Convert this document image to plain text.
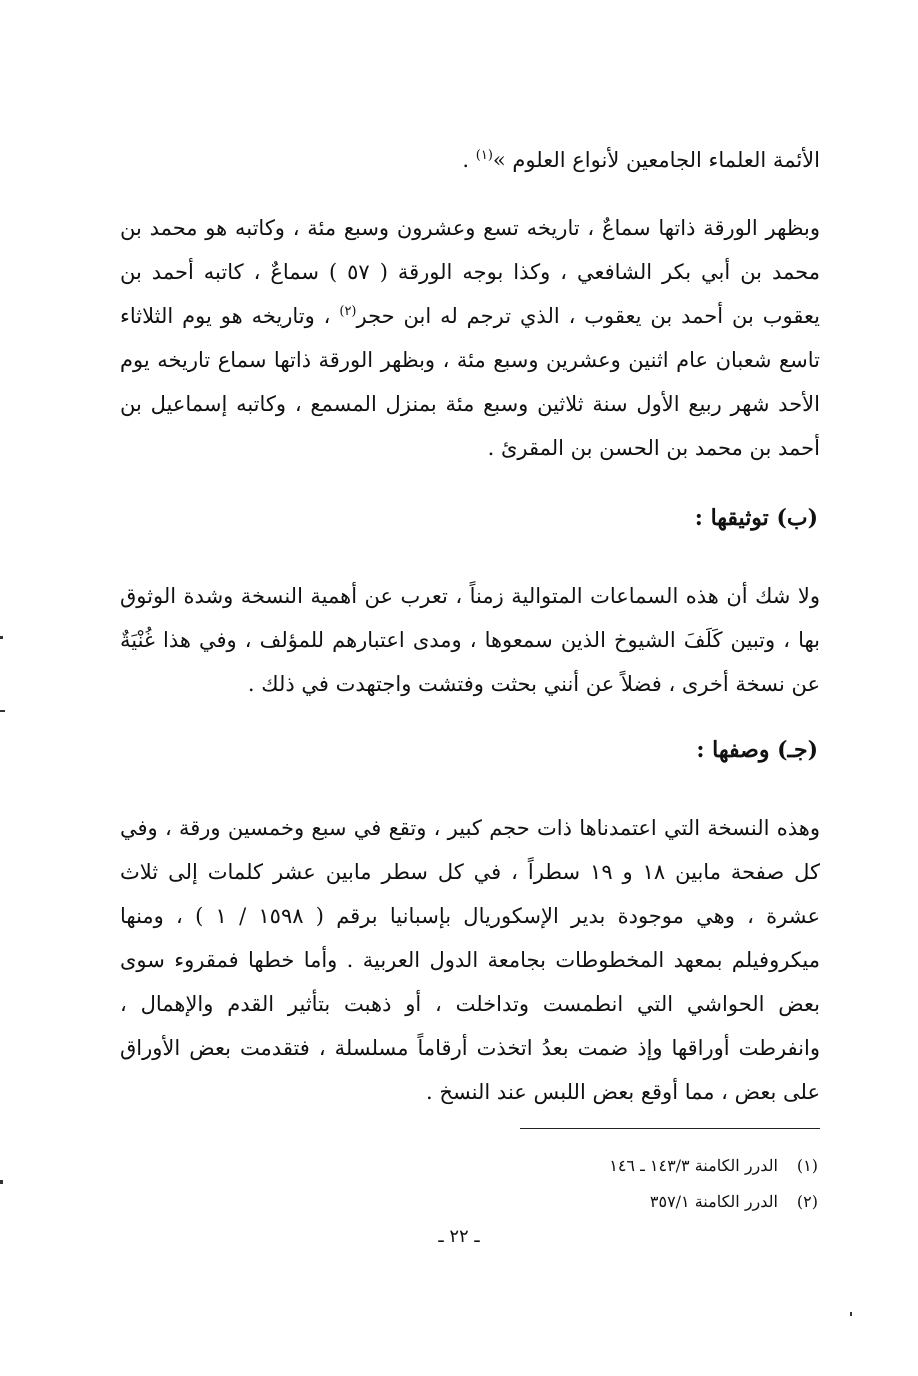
الأئمة العلماء الجامعين لأنواع العلوم »$^{(١)}$ .

وبظهر الورقة ذاتها سماعٌ ، تاريخه تسع وعشرون وسبع مئة ، وكاتبه هو محمد بن محمد بن أبي بكر الشافعي ، وكذا بوجه الورقة ( ٥٧ ) سماعٌ ، كاتبه أحمد بن يعقوب بن أحمد بن يعقوب ، الذي ترجم له ابن حجر$^{(٢)}$ ، وتاريخه هو يوم الثلاثاء تاسع شعبان عام اثنين وعشرين وسبع مئة ، وبظهر الورقة ذاتها سماع تاريخه يوم الأحد شهر ربيع الأول سنة ثلاثين وسبع مئة بمنزل المسمع ، وكاتبه إسماعيل بن أحمد بن محمد بن الحسن بن المقرئ .

(ب) توثيقها :

ولا شك أن هذه السماعات المتوالية زمناً ، تعرب عن أهمية النسخة وشدة الوثوق بها ، وتبين كَلَفَ الشيوخ الذين سمعوها ، ومدى اعتبارهم للمؤلف ، وفي هذا غُنْيَةٌ عن نسخة أخرى ، فضلاً عن أنني بحثت وفتشت واجتهدت في ذلك .

(جـ) وصفها :

وهذه النسخة التي اعتمدناها ذات حجم كبير ، وتقع في سبع وخمسين ورقة ، وفي كل صفحة مابين ١٨ و ١٩ سطراً ، في كل سطر مابين عشر كلمات إلى ثلاث عشرة ، وهي موجودة بدير الإسكوريال بإسبانيا برقم ( ١٥٩٨ / ١ ) ، ومنها ميكروفيلم بمعهد المخطوطات بجامعة الدول العربية . وأما خطها فمقروء سوى بعض الحواشي التي انطمست وتداخلت ، أو ذهبت بتأثير القدم والإهمال ، وانفرطت أوراقها وإذ ضمت بعدُ اتخذت أرقاماً مسلسلة ، فتقدمت بعض الأوراق على بعض ، مما أوقع بعض اللبس عند النسخ .

(١)
الدرر الكامنة ١٤٣/٣ ـ ١٤٦
(٢)
الدرر الكامنة ٣٥٧/١
ـ ٢٢ ـ
